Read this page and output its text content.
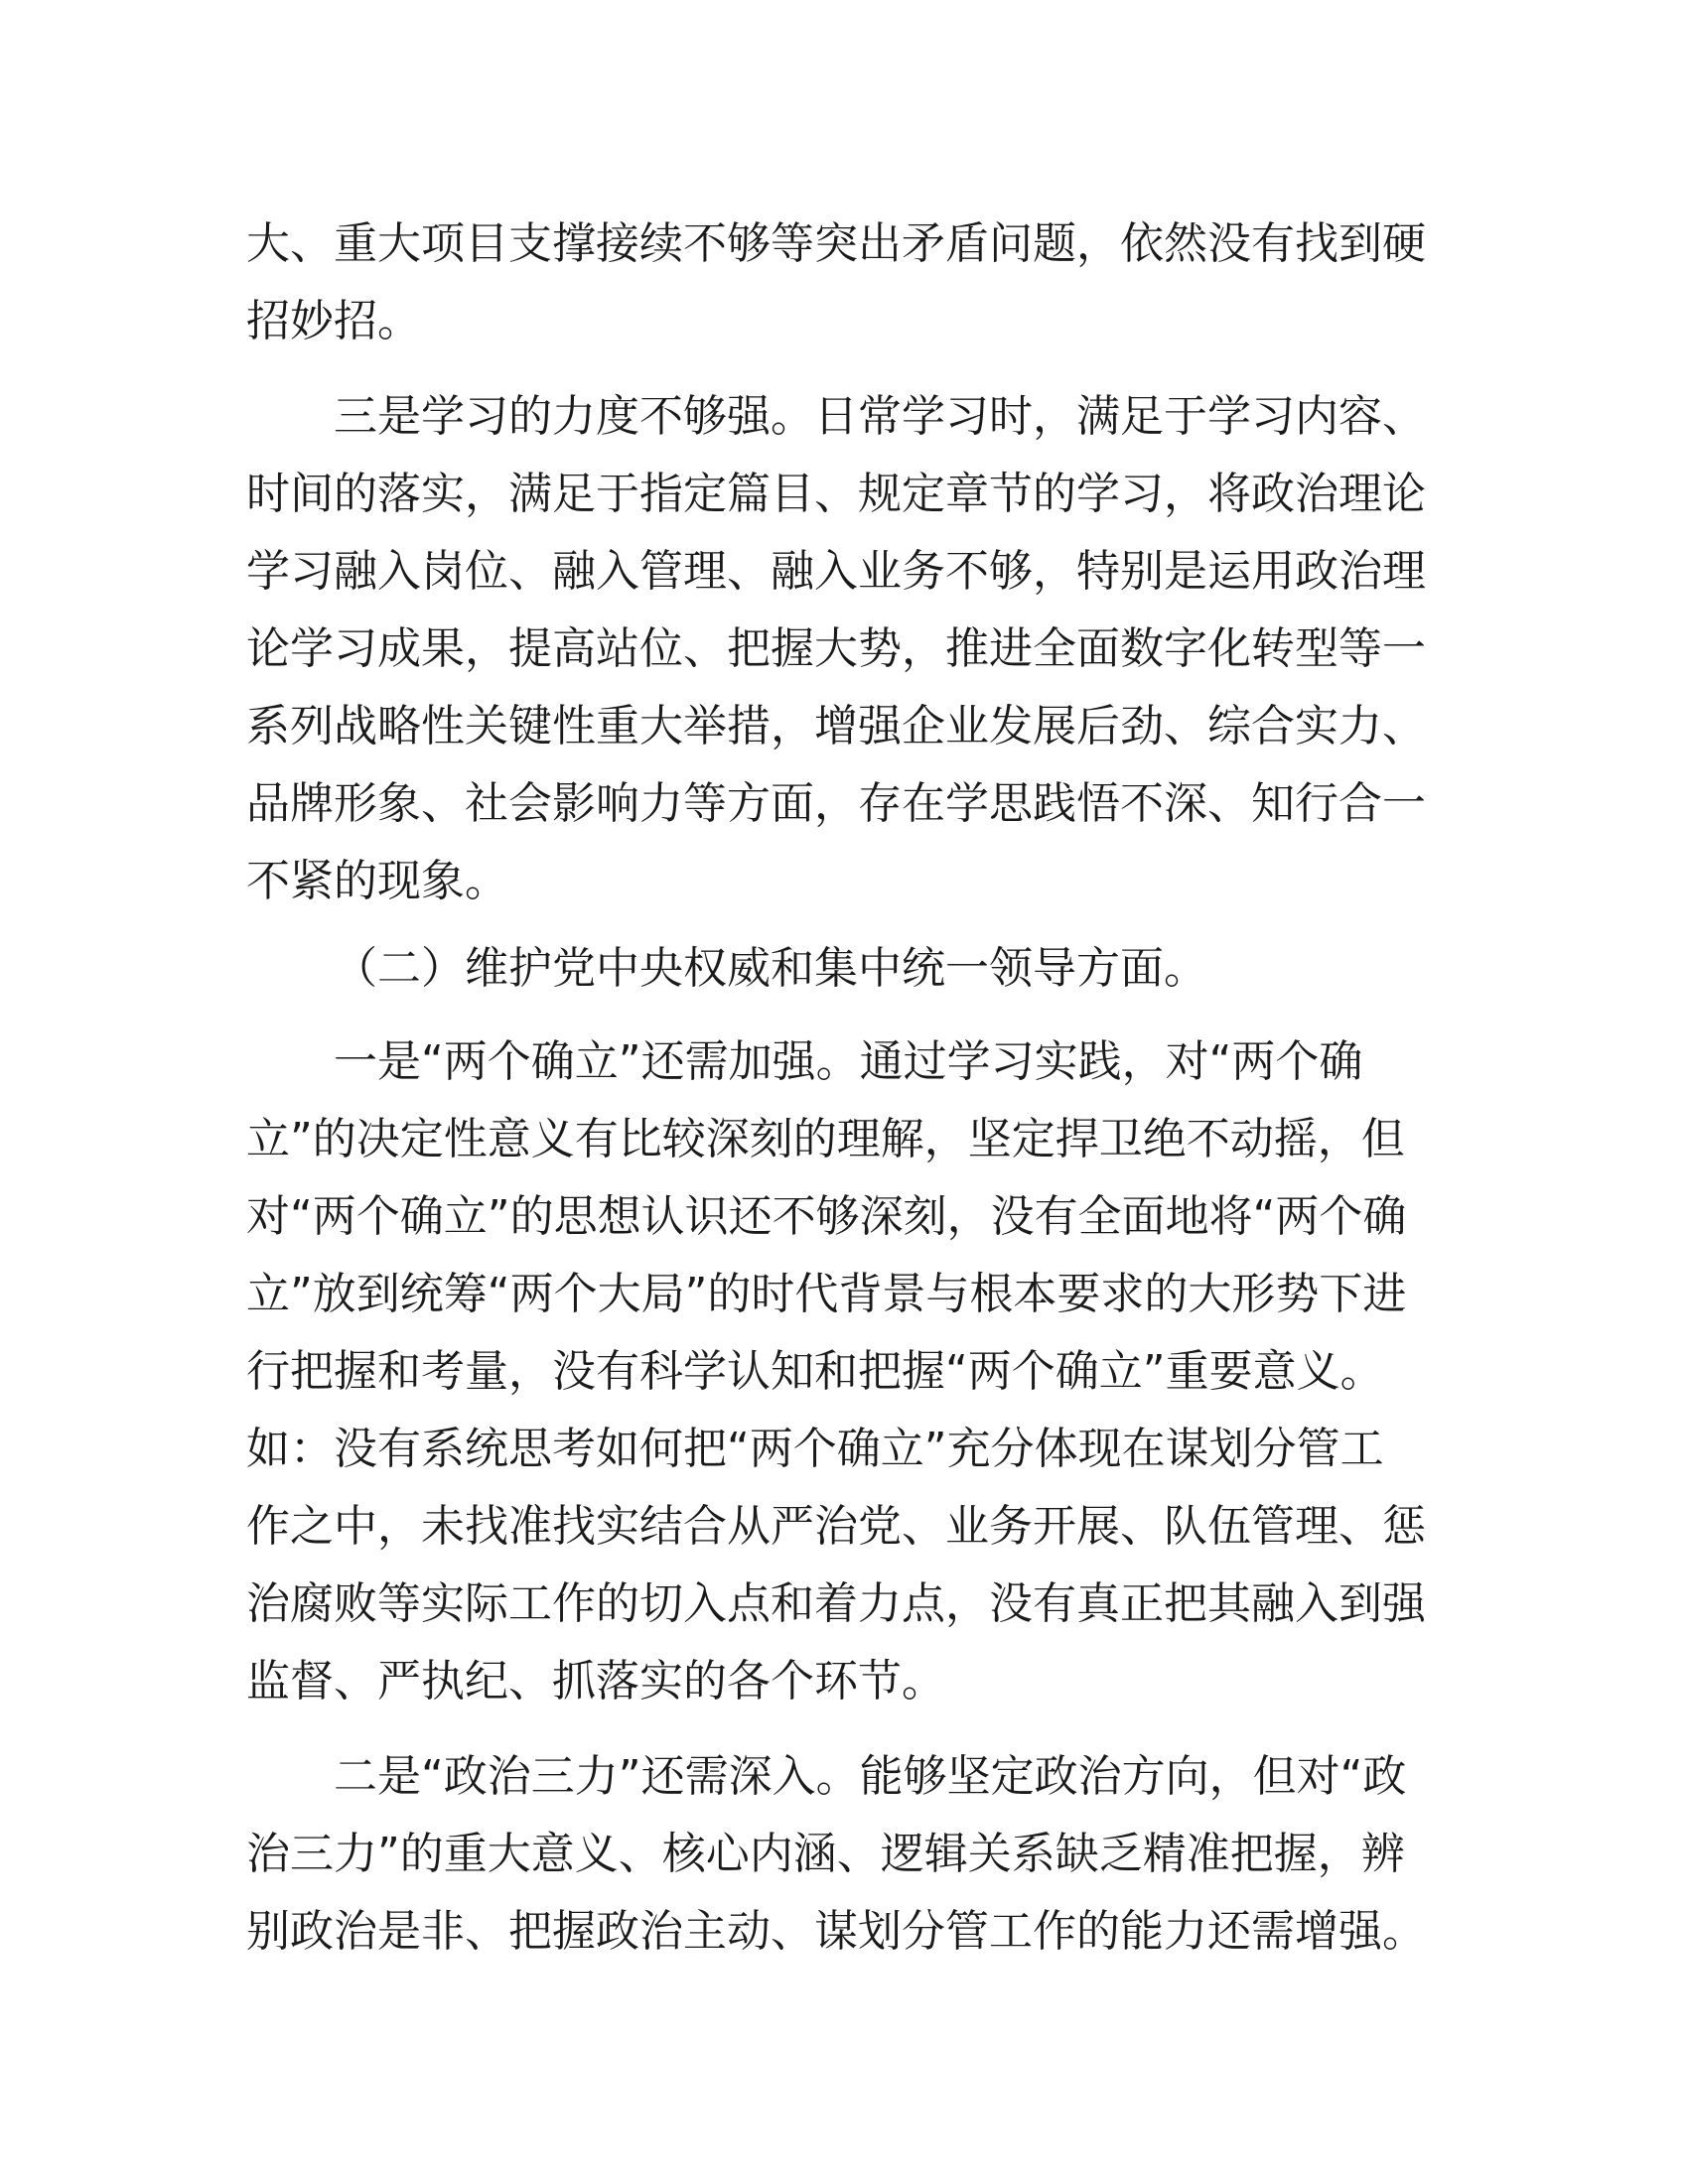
大、重大项目支撑接续不够等突出矛盾问题，依然没有找到硬
招妙招。
三是学习的力度不够强。日常学习时，满足于学习内容、
时间的落实，满足于指定篇目、规定章节的学习，将政治理论
学习融入岗位、融入管理、融入业务不够，特别是运用政治理
论学习成果，提高站位、把握大势，推进全面数字化转型等一
系列战略性关键性重大举措，增强企业发展后劲、综合实力、
品牌形象、社会影响力等方面，存在学思践悟不深、知行合一
不紧的现象。
（二）维护党中央权威和集中统一领导方面。
一是“两个确立”还需加强。通过学习实践，对“两个确
立”的决定性意义有比较深刻的理解，坚定捍卫绝不动摇，但
对“两个确立”的思想认识还不够深刻，没有全面地将“两个确
立”放到统筹“两个大局”的时代背景与根本要求的大形势下进
行把握和考量，没有科学认知和把握“两个确立”重要意义。
如：没有系统思考如何把“两个确立”充分体现在谋划分管工
作之中，未找准找实结合从严治党、业务开展、队伍管理、惩
治腐败等实际工作的切入点和着力点，没有真正把其融入到强
监督、严执纪、抓落实的各个环节。
二是“政治三力”还需深入。能够坚定政治方向，但对“政
治三力”的重大意义、核心内涵、逻辑关系缺乏精准把握，辨
别政治是非、把握政治主动、谋划分管工作的能力还需增强。
